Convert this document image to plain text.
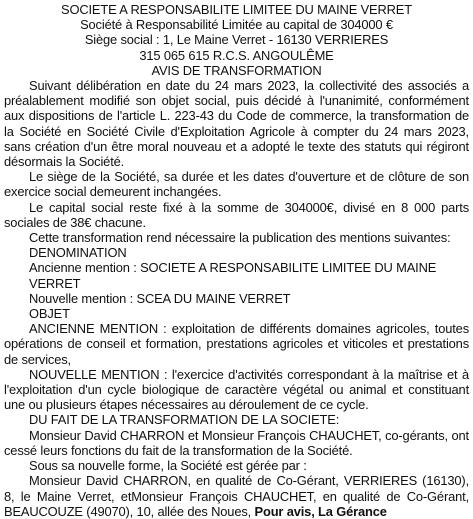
SOCIETE A RESPONSABILITE LIMITEE DU MAINE VERRET

Société à Responsabilité Limitée au capital de 304000 €

Siège social : 1, Le Maine Verret - 16130 VERRIERES

315 065 615 R.C.S. ANGOULÊME

AVIS DE TRANSFORMATION

Suivant délibération en date du 24 mars 2023, la collectivité des associés a préalablement modifié son objet social, puis décidé à l'unanimité, conformément aux dispositions de l'article L. 223-43 du Code de commerce, la transformation de la Société en Société Civile d'Exploitation Agricole à compter du 24 mars 2023, sans création d'un être moral nouveau et a adopté le texte des statuts qui régiront désormais la Société.

Le siège de la Société, sa durée et les dates d'ouverture et de clôture de son exercice social demeurent inchangées.

Le capital social reste fixé à la somme de 304000€, divisé en 8 000 parts sociales de 38€ chacune.

Cette transformation rend nécessaire la publication des mentions suivantes:

DENOMINATION

Ancienne mention : SOCIETE A RESPONSABILITE LIMITEE DU MAINE VERRET

Nouvelle mention : SCEA DU MAINE VERRET

OBJET

ANCIENNE MENTION : exploitation de différents domaines agricoles, toutes opérations de conseil et formation, prestations agricoles et viticoles et prestations de services,

NOUVELLE MENTION : l'exercice d'activités correspondant à la maîtrise et à l'exploitation d'un cycle biologique de caractère végétal ou animal et constituant une ou plusieurs étapes nécessaires au déroulement de ce cycle.

DU FAIT DE LA TRANSFORMATION DE LA SOCIETE:

Monsieur David CHARRON et Monsieur François CHAUCHET, co-gérants, ont cessé leurs fonctions du fait de la transformation de la Société.

Sous sa nouvelle forme, la Société est gérée par :

Monsieur David CHARRON, en qualité de Co-Gérant, VERRIERES (16130), 8, le Maine Verret, etMonsieur François CHAUCHET, en qualité de Co-Gérant, BEAUCOUZE (49070), 10, allée des Noues, Pour avis, La Gérance
